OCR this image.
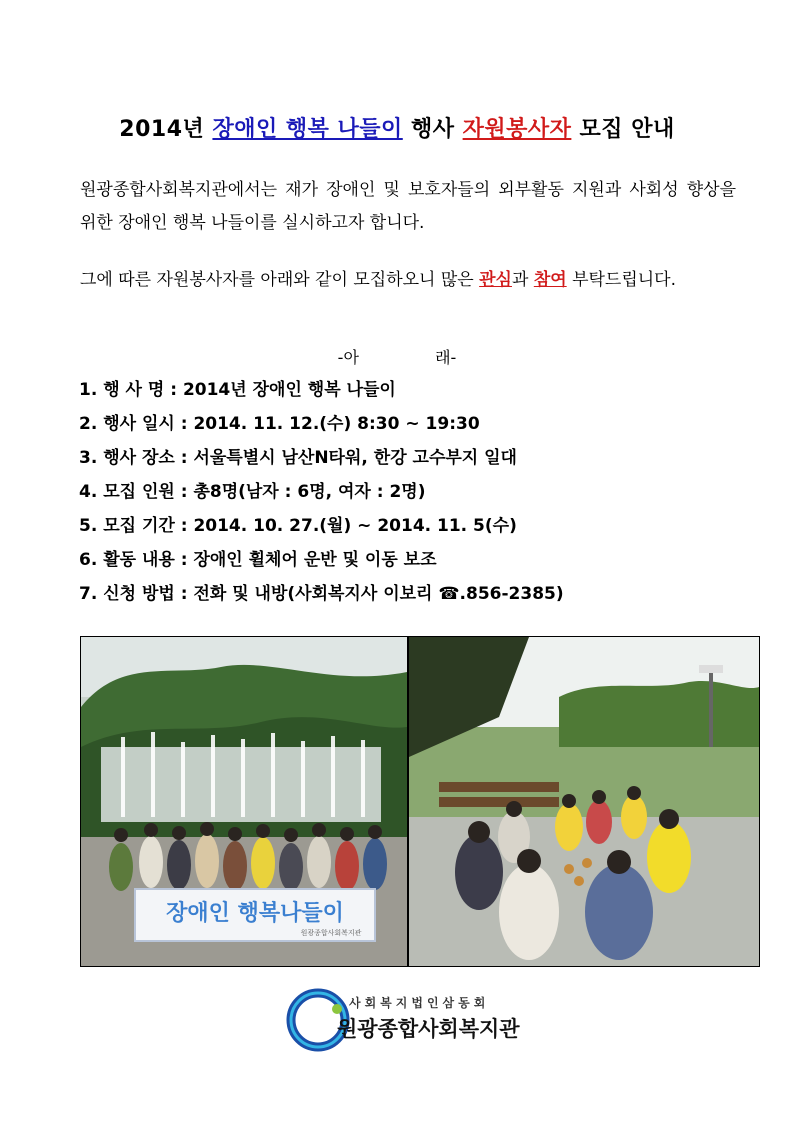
2014년 장애인 행복 나들이 행사 자원봉사자 모집 안내
원광종합사회복지관에서는 재가 장애인 및 보호자들의 외부활동 지원과 사회성 향상을 위한 장애인 행복 나들이를 실시하고자 합니다.
그에 따른 자원봉사자를 아래와 같이 모집하오니 많은 관심과 참여 부탁드립니다.
-아	래-
1. 행 사 명 : 2014년 장애인 행복 나들이
2. 행사 일시 : 2014. 11. 12.(수) 8:30 ~ 19:30
3. 행사 장소 : 서울특별시 남산N타워, 한강 고수부지 일대
4. 모집 인원 : 총8명(남자 : 6명, 여자 : 2명)
5. 모집 기간 : 2014. 10. 27.(월) ~ 2014. 11. 5(수)
6. 활동 내용 : 장애인 휠체어 운반 및 이동 보조
7. 신청 방법 : 전화 및 내방(사회복지사 이보리 ☎.856-2385)
장애인 행복나들이
원광종합사회복지관
사회복지법인삼동회
원광종합사회복지관
